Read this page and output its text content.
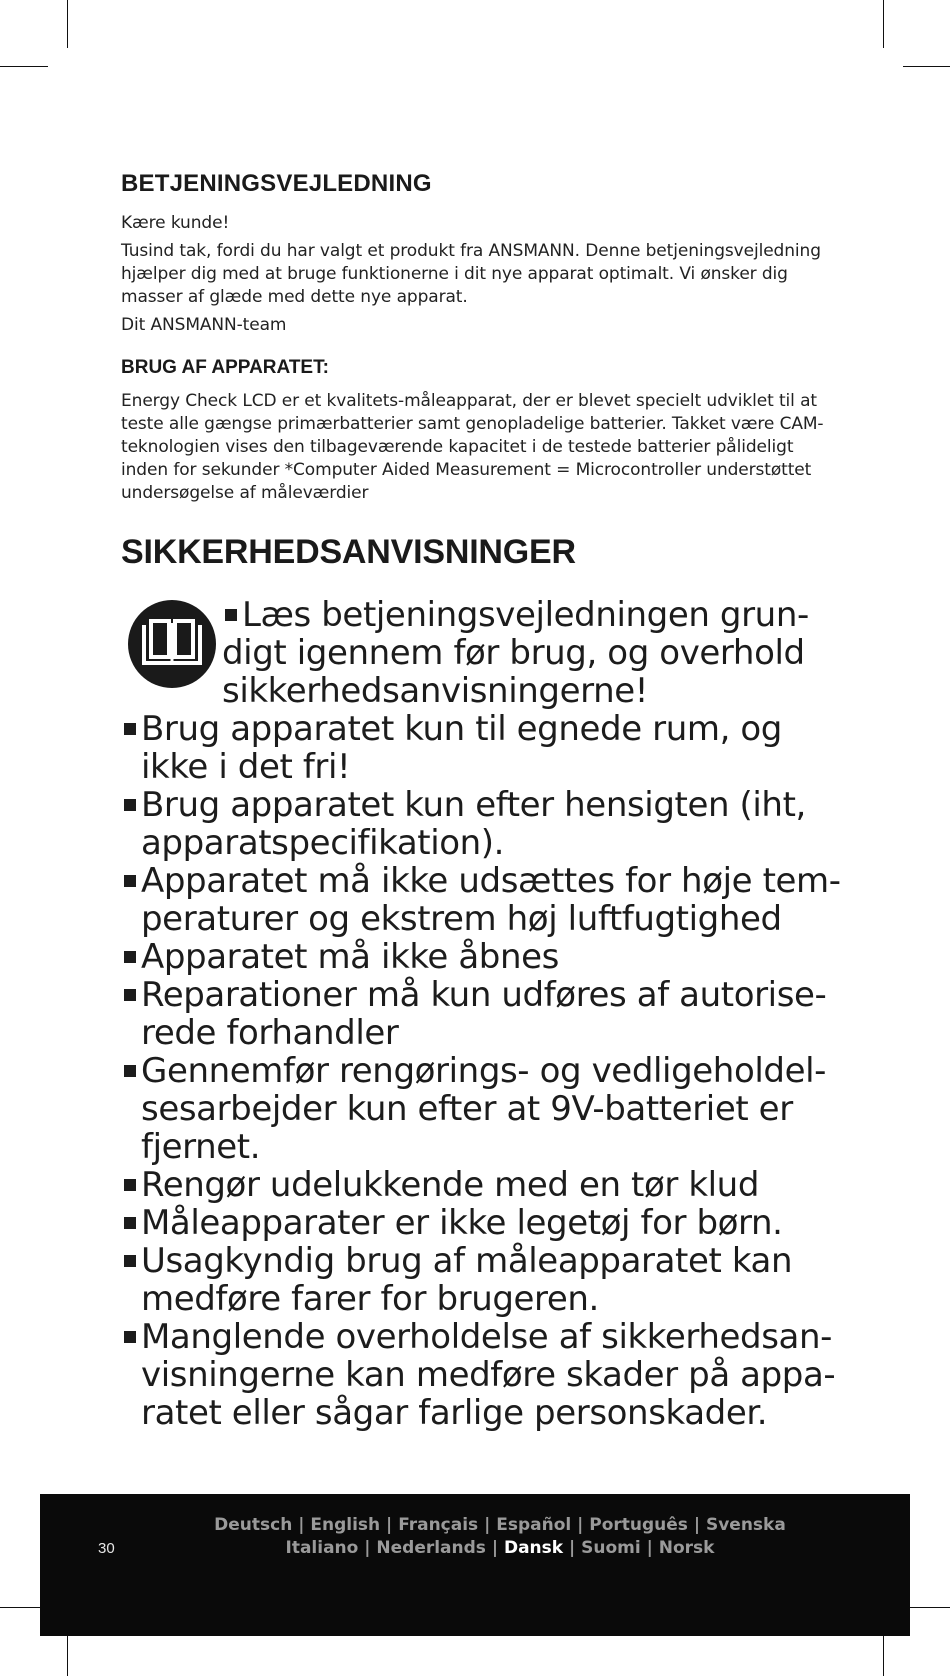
BETJENINGSVEJLEDNING

Kære kunde!

Tusind tak, fordi du har valgt et produkt fra ANSMANN. Denne betjeningsvejledning hjælper dig med at bruge funktionerne i dit nye apparat optimalt. Vi ønsker dig masser af glæde med dette nye apparat.

Dit ANSMANN-team

BRUG AF APPARATET:

Energy Check LCD er et kvalitets-måleapparat, der er blevet specielt udviklet til at teste alle gængse primærbatterier samt genopladelige batterier. Takket være CAM-teknologien vises den tilbageværende kapacitet i de testede batterier pålideligt inden for sekunder *Computer Aided Measurement = Microcontroller understøttet undersøgelse af måleværdier

SIKKERHEDSANVISNINGER
Læs betjeningsvejledningen grun-digt igennem før brug, og overhold sikkerhedsanvisningerne!
Brug apparatet kun til egnede rum, og ikke i det fri!
Brug apparatet kun efter hensigten (iht, apparatspecifikation).
Apparatet må ikke udsættes for høje tem-peraturer og ekstrem høj luftfugtighed
Apparatet må ikke åbnes
Reparationer må kun udføres af autorise-rede forhandler
Gennemfør rengørings- og vedligeholdel-sesarbejder kun efter at 9V-batteriet er fjernet.
Rengør udelukkende med en tør klud
Måleapparater er ikke legetøj for børn.
Usagkyndig brug af måleapparatet kan medføre farer for brugeren.
Manglende overholdelse af sikkerhedsan-visningerne kan medføre skader på appa-ratet eller sågar farlige personskader.
30
Deutsch | English | Français | Español | Português | Svenska
Italiano | Nederlands | Dansk | Suomi | Norsk
